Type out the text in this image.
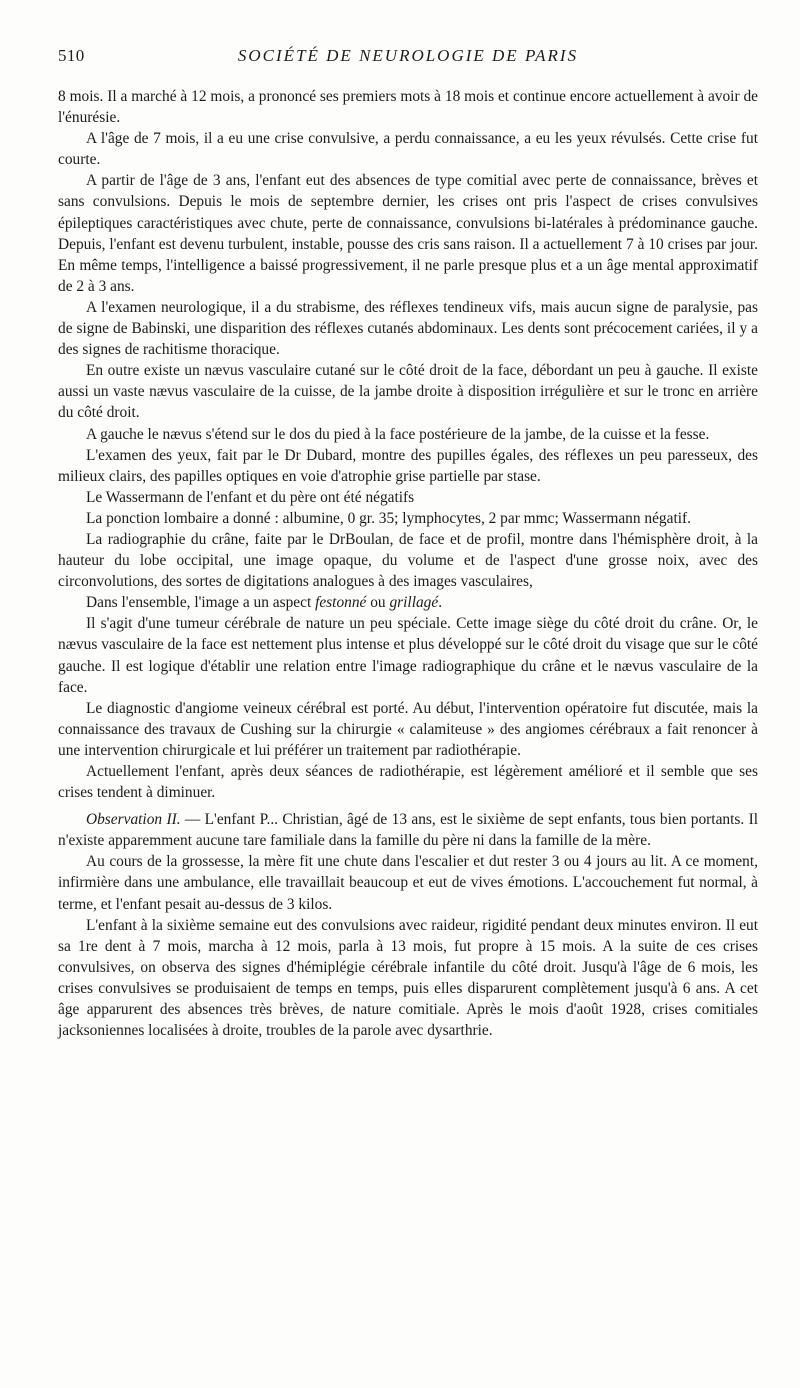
510	SOCIÉTÉ DE NEUROLOGIE DE PARIS

8 mois. Il a marché à 12 mois, a prononcé ses premiers mots à 18 mois et continue encore actuellement à avoir de l'énurésie.

A l'âge de 7 mois, il a eu une crise convulsive, a perdu connaissance, a eu les yeux révulsés. Cette crise fut courte.

A partir de l'âge de 3 ans, l'enfant eut des absences de type comitial avec perte de connaissance, brèves et sans convulsions. Depuis le mois de septembre dernier, les crises ont pris l'aspect de crises convulsives épileptiques caractéristiques avec chute, perte de connaissance, convulsions bi-latérales à prédominance gauche. Depuis, l'enfant est devenu turbulent, instable, pousse des cris sans raison. Il a actuellement 7 à 10 crises par jour. En même temps, l'intelligence a baissé progressivement, il ne parle presque plus et a un âge mental approximatif de 2 à 3 ans.

A l'examen neurologique, il a du strabisme, des réflexes tendineux vifs, mais aucun signe de paralysie, pas de signe de Babinski, une disparition des réflexes cutanés abdominaux. Les dents sont précocement cariées, il y a des signes de rachitisme thoracique.

En outre existe un nævus vasculaire cutané sur le côté droit de la face, débordant un peu à gauche. Il existe aussi un vaste nævus vasculaire de la cuisse, de la jambe droite à disposition irrégulière et sur le tronc en arrière du côté droit.

A gauche le nævus s'étend sur le dos du pied à la face postérieure de la jambe, de la cuisse et la fesse.

L'examen des yeux, fait par le Dr Dubard, montre des pupilles égales, des réflexes un peu paresseux, des milieux clairs, des papilles optiques en voie d'atrophie grise partielle par stase.

Le Wassermann de l'enfant et du père ont été négatifs

La ponction lombaire a donné : albumine, 0 gr. 35; lymphocytes, 2 par mmc; Wassermann négatif.

La radiographie du crâne, faite par le DrBoulan, de face et de profil, montre dans l'hémisphère droit, à la hauteur du lobe occipital, une image opaque, du volume et de l'aspect d'une grosse noix, avec des circonvolutions, des sortes de digitations analogues à des images vasculaires,

Dans l'ensemble, l'image a un aspect festonné ou grillagé.

Il s'agit d'une tumeur cérébrale de nature un peu spéciale. Cette image siège du côté droit du crâne. Or, le nævus vasculaire de la face est nettement plus intense et plus développé sur le côté droit du visage que sur le côté gauche. Il est logique d'établir une relation entre l'image radiographique du crâne et le nævus vasculaire de la face.

Le diagnostic d'angiome veineux cérébral est porté. Au début, l'intervention opératoire fut discutée, mais la connaissance des travaux de Cushing sur la chirurgie « calamiteuse » des angiomes cérébraux a fait renoncer à une intervention chirurgicale et lui préférer un traitement par radiothérapie.

Actuellement l'enfant, après deux séances de radiothérapie, est légèrement amélioré et il semble que ses crises tendent à diminuer.

Observation II. — L'enfant P... Christian, âgé de 13 ans, est le sixième de sept enfants, tous bien portants. Il n'existe apparemment aucune tare familiale dans la famille du père ni dans la famille de la mère.

Au cours de la grossesse, la mère fit une chute dans l'escalier et dut rester 3 ou 4 jours au lit. A ce moment, infirmière dans une ambulance, elle travaillait beaucoup et eut de vives émotions. L'accouchement fut normal, à terme, et l'enfant pesait au-dessus de 3 kilos.

L'enfant à la sixième semaine eut des convulsions avec raideur, rigidité pendant deux minutes environ. Il eut sa 1re dent à 7 mois, marcha à 12 mois, parla à 13 mois, fut propre à 15 mois. A la suite de ces crises convulsives, on observa des signes d'hémiplégie cérébrale infantile du côté droit. Jusqu'à l'âge de 6 mois, les crises convulsives se produisaient de temps en temps, puis elles disparurent complètement jusqu'à 6 ans. A cet âge apparurent des absences très brèves, de nature comitiale. Après le mois d'août 1928, crises comitiales jacksoniennes localisées à droite, troubles de la parole avec dysarthrie.
